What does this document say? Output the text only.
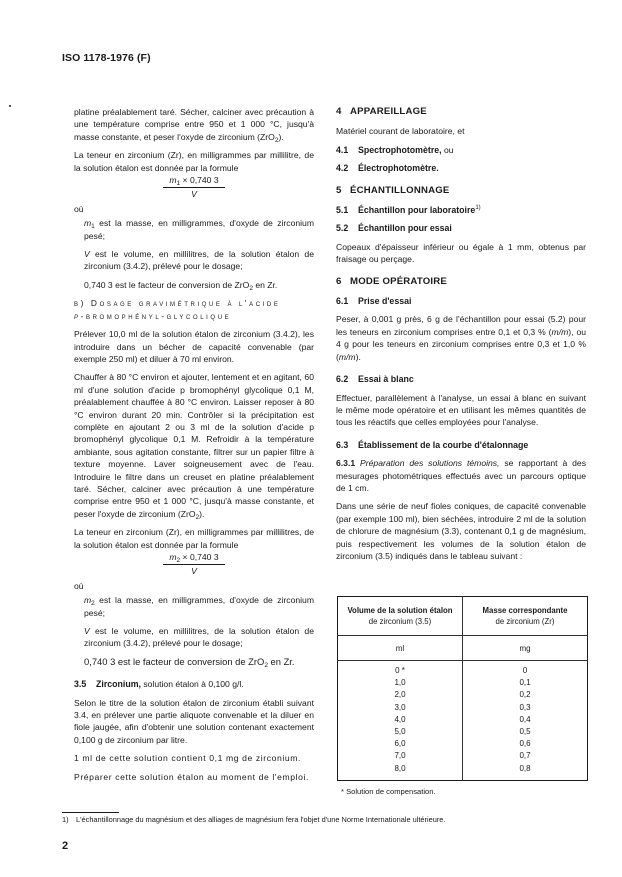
ISO 1178-1976 (F)

platine préalablement taré. Sécher, calciner avec précaution à une température comprise entre 950 et 1 000 °C, jusqu'à masse constante, et peser l'oxyde de zirconium (ZrO$_2$).

La teneur en zirconium (Zr), en milligrammes par millilitre, de la solution étalon est donnée par la formule

$\frac{m_1 \times 0,740 3}{V}$

où

$m_1$ est la masse, en milligrammes, d'oxyde de zirconium pesé;

V est le volume, en millilitres, de la solution étalon de zirconium (3.4.2), prélevé pour le dosage;

0,740 3 est le facteur de conversion de ZrO$_2$ en Zr.

b) Dosage gravimétrique à l'acide
p-bromophényl-glycolique

Prélever 10,0 ml de la solution étalon de zirconium (3.4.2), les introduire dans un bécher de capacité convenable (par exemple 250 ml) et diluer à 70 ml environ.

Chauffer à 80 °C environ et ajouter, lentement et en agitant, 60 ml d'une solution d'acide p bromophényl glycolique 0,1 M, préalablement chauffée à 80 °C environ. Laisser reposer à 80 °C environ durant 20 min. Contrôler si la précipitation est complète en ajoutant 2 ou 3 ml de la solution d'acide p bromophényl glycolique 0,1 M. Refroidir à la température ambiante, sous agitation constante, filtrer sur un papier filtre à texture moyenne. Laver soigneusement avec de l'eau. Introduire le filtre dans un creuset en platine préalablement taré. Sécher, calciner avec précaution à une température comprise entre 950 et 1 000 °C, jusqu'à masse constante, et peser l'oxyde de zirconium (ZrO$_2$).

La teneur en zirconium (Zr), en milligrammes par millilitres, de la solution étalon est donnée par la formule

$\frac{m_2 \times 0,740 3}{V}$

où

$m_2$ est la masse, en milligrammes, d'oxyde de zirconium pesé;

V est le volume, en millilitres, de la solution étalon de zirconium (3.4.2), prélevé pour le dosage;

0,740 3 est le facteur de conversion de ZrO$_2$ en Zr.

3.5 Zirconium, solution étalon à 0,100 g/l.

Selon le titre de la solution étalon de zirconium établi suivant 3.4, en prélever une partie aliquote convenable et la diluer en fiole jaugée, afin d'obtenir une solution contenant exactement 0,100 g de zirconium par litre.

1 ml de cette solution contient 0,1 mg de zirconium.

Préparer cette solution étalon au moment de l'emploi.

4 APPAREILLAGE

Matériel courant de laboratoire, et

4.1 Spectrophotomètre, ou

4.2 Électrophotomètre.

5 ÉCHANTILLONNAGE

5.1 Échantillon pour laboratoire$^{1)}$

5.2 Échantillon pour essai

Copeaux d'épaisseur inférieur ou égale à 1 mm, obtenus par fraisage ou perçage.

6 MODE OPÉRATOIRE

6.1 Prise d'essai

Peser, à 0,001 g près, 6 g de l'échantillon pour essai (5.2) pour les teneurs en zirconium comprises entre 0,1 et 0,3 % (m/m), ou 4 g pour les teneurs en zirconium comprises entre 0,3 et 1,0 % (m/m).

6.2 Essai à blanc

Effectuer, parallèlement à l'analyse, un essai à blanc en suivant le même mode opératoire et en utilisant les mêmes quantités de tous les réactifs que celles employées pour l'analyse.

6.3 Établissement de la courbe d'étalonnage

6.3.1 Préparation des solutions témoins, se rapportant à des mesurages photométriques effectués avec un parcours optique de 1 cm.

Dans une série de neuf fioles coniques, de capacité convenable (par exemple 100 ml), bien séchées, introduire 2 ml de la solution de chlorure de magnésium (3.3), contenant 0,1 g de magnésium, puis respectivement les volumes de la solution étalon de zirconium (3.5) indiqués dans le tableau suivant :

Volume de la solution étalon
de zirconium (3.5)	Masse correspondante
de zirconium (Zr)

ml	mg
0 *	0
1,0	0,1
2,0	0,2
3,0	0,3
4,0	0,4
5,0	0,5
6,0	0,6
7,0	0,7
8,0	0,8
* Solution de compensation.
1) L'échantillonnage du magnésium et des alliages de magnésium fera l'objet d'une Norme Internationale ultérieure.
2
